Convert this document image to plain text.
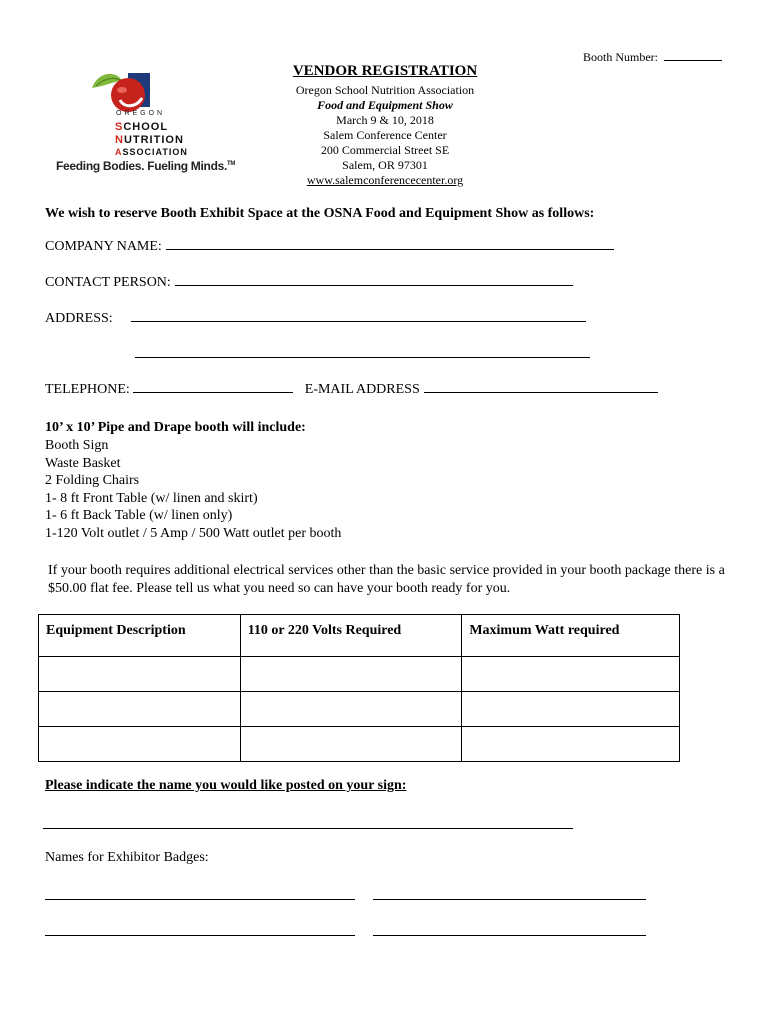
Booth Number:
OREGON
SCHOOL
NUTRITION
ASSOCIATION
Feeding Bodies. Fueling Minds.™
VENDOR REGISTRATION
Oregon School Nutrition Association
Food and Equipment Show
March 9 & 10, 2018
Salem Conference Center
200 Commercial Street SE
Salem, OR 97301
www.salemconferencecenter.org
We wish to reserve Booth Exhibit Space at the OSNA Food and Equipment Show as follows:
COMPANY NAME:
CONTACT PERSON:
ADDRESS:
TELEPHONE:	E-MAIL ADDRESS
10’ x 10’ Pipe and Drape booth will include:
Booth Sign
Waste Basket
2 Folding Chairs
1- 8 ft Front Table (w/ linen and skirt)
1- 6 ft Back Table (w/ linen only)
1-120 Volt outlet / 5 Amp / 500 Watt outlet per booth
If your booth requires additional electrical services other than the basic service provided in your booth package there is a $50.00 flat fee. Please tell us what you need so can have your booth ready for you.
Equipment Description	110 or 220 Volts Required	Maximum Watt required

Please indicate the name you would like posted on your sign:
Names for Exhibitor Badges:
